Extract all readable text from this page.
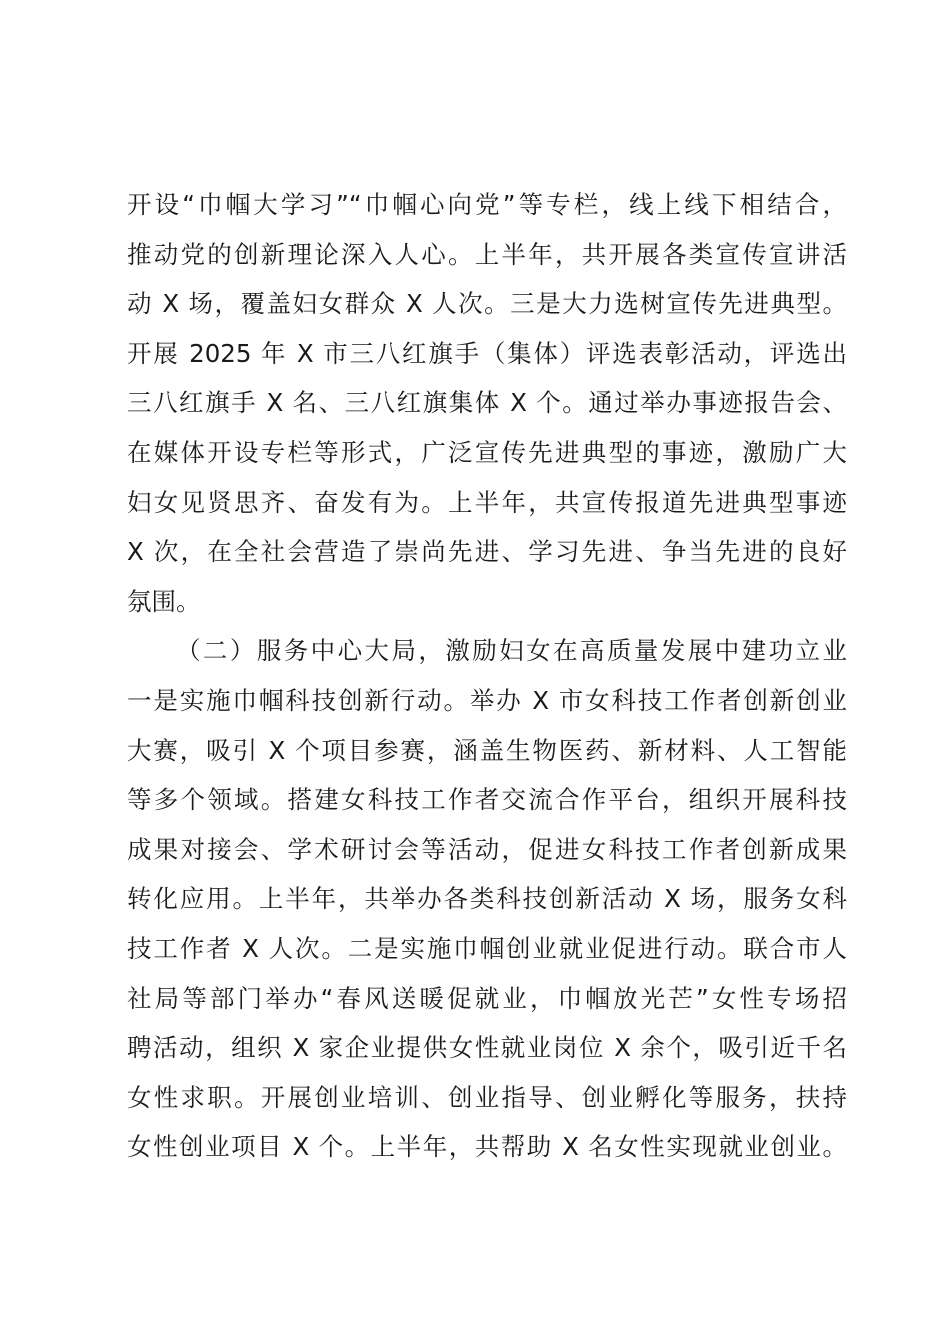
开设“巾帼大学习”“巾帼心向党”等专栏，线上线下相结合，
推动党的创新理论深入人心。上半年，共开展各类宣传宣讲活
动 X 场，覆盖妇女群众 X 人次。三是大力选树宣传先进典型。
开展 2025 年 X 市三八红旗手（集体）评选表彰活动，评选出
三八红旗手 X 名、三八红旗集体 X 个。通过举办事迹报告会、
在媒体开设专栏等形式，广泛宣传先进典型的事迹，激励广大
妇女见贤思齐、奋发有为。上半年，共宣传报道先进典型事迹
X 次，在全社会营造了崇尚先进、学习先进、争当先进的良好
氛围。
（二）服务中心大局，激励妇女在高质量发展中建功立业
一是实施巾帼科技创新行动。举办 X 市女科技工作者创新创业
大赛，吸引 X 个项目参赛，涵盖生物医药、新材料、人工智能
等多个领域。搭建女科技工作者交流合作平台，组织开展科技
成果对接会、学术研讨会等活动，促进女科技工作者创新成果
转化应用。上半年，共举办各类科技创新活动 X 场，服务女科
技工作者 X 人次。二是实施巾帼创业就业促进行动。联合市人
社局等部门举办“春风送暖促就业，巾帼放光芒”女性专场招
聘活动，组织 X 家企业提供女性就业岗位 X 余个，吸引近千名
女性求职。开展创业培训、创业指导、创业孵化等服务，扶持
女性创业项目 X 个。上半年，共帮助 X 名女性实现就业创业。
